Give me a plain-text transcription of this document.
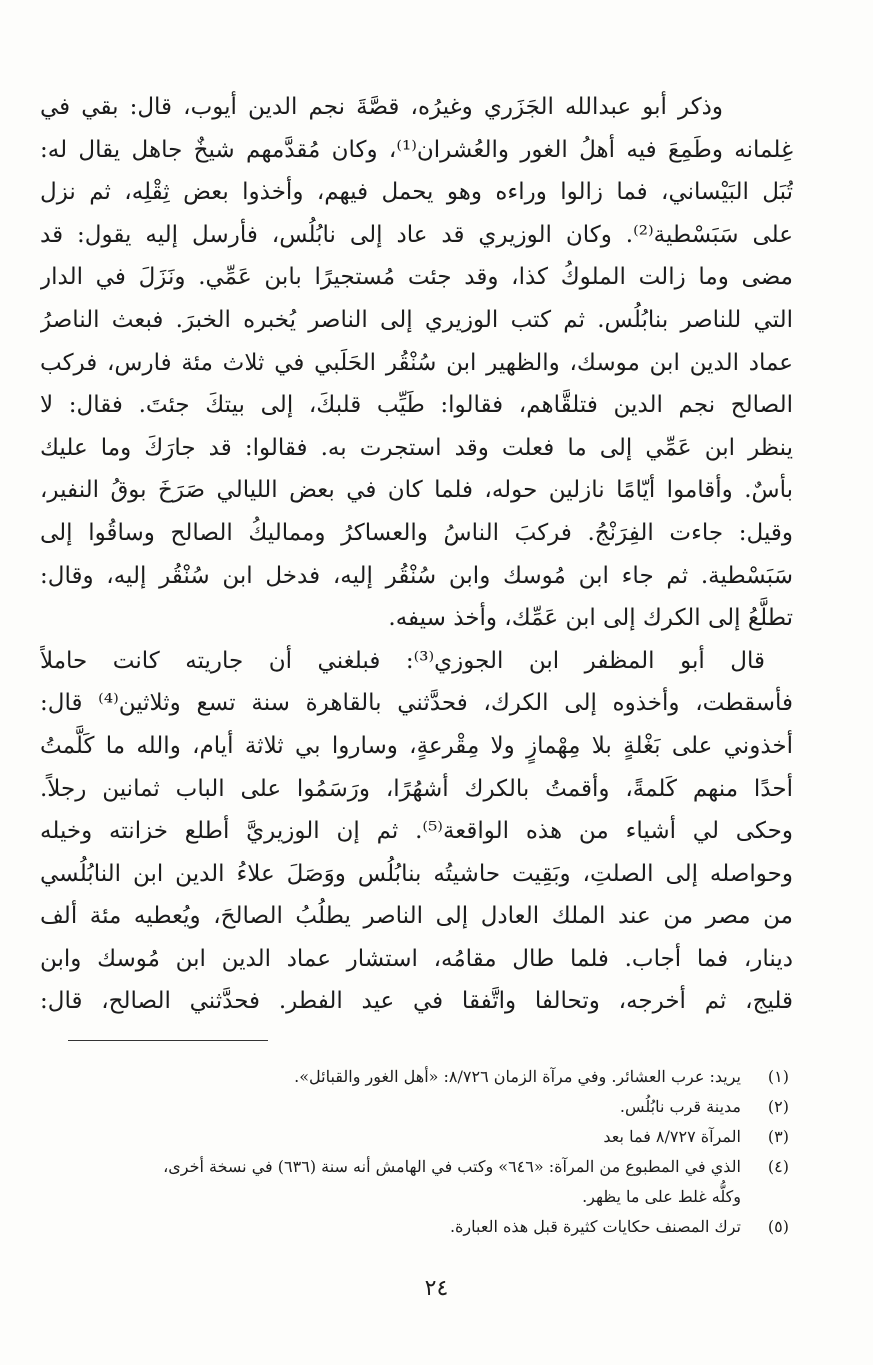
وذكر أبو عبدالله الجَزَري وغيرُه، قصَّةَ نجم الدين أيوب، قال: بقي في
غِلمانه وطَمِعَ فيه أهلُ الغور والعُشران⁽¹⁾، وكان مُقدَّمهم شيخٌ جاهل يقال له:
تُبَل البَيْساني، فما زالوا وراءه وهو يحمل فيهم، وأخذوا بعض ثِقْلِه، ثم نزل
على سَبَسْطية⁽²⁾. وكان الوزيري قد عاد إلى نابُلُس، فأرسل إليه يقول: قد
مضى وما زالت الملوكُ كذا، وقد جئت مُستجيرًا بابن عَمِّي. ونَزَلَ في الدار
التي للناصر بنابُلُس. ثم كتب الوزيري إلى الناصر يُخبره الخبرَ. فبعث الناصرُ
عماد الدين ابن موسك، والظهير ابن سُنْقُر الحَلَبي في ثلاث مئة فارس، فركب
الصالح نجم الدين فتلقَّاهم، فقالوا: طَيِّب قلبكَ، إلى بيتكَ جئتَ. فقال: لا
ينظر ابن عَمِّي إلى ما فعلت وقد استجرت به. فقالوا: قد جارَكَ وما عليك
بأسٌ. وأقاموا أيّامًا نازلين حوله، فلما كان في بعض الليالي صَرَخَ بوقُ النفير،
وقيل: جاءت الفِرَنْجُ. فركبَ الناسُ والعساكرُ ومماليكُ الصالح وساقُوا إلى
سَبَسْطية. ثم جاء ابن مُوسك وابن سُنْقُر إليه، فدخل ابن سُنْقُر إليه، وقال:
تطلَّعُ إلى الكرك إلى ابن عَمِّك، وأخذ سيفه.
قال أبو المظفر ابن الجوزي⁽³⁾: فبلغني أن جاريته كانت حاملاً
فأسقطت، وأخذوه إلى الكرك، فحدَّثني بالقاهرة سنة تسع وثلاثين⁽⁴⁾ قال:
أخذوني على بَغْلةٍ بلا مِهْمازٍ ولا مِقْرعةٍ، وساروا بي ثلاثة أيام، والله ما كَلَّمتُ
أحدًا منهم كَلمةً، وأقمتُ بالكرك أشهُرًا، ورَسَمُوا على الباب ثمانين رجلاً.
وحكى لي أشياء من هذه الواقعة⁽⁵⁾. ثم إن الوزيريَّ أطلع خزانته وخيله
وحواصله إلى الصلتِ، وبَقِيت حاشيتُه بنابُلُس ووَصَلَ علاءُ الدين ابن النابُلُسي
من مصر من عند الملك العادل إلى الناصر يطلُبُ الصالحَ، ويُعطيه مئة ألف
دينار، فما أجاب. فلما طال مقامُه، استشار عماد الدين ابن مُوسك وابن
قليج، ثم أخرجه، وتحالفا واتَّفقا في عيد الفطر. فحدَّثني الصالح، قال:
(١)
يريد: عرب العشائر. وفي مرآة الزمان ٨/٧٢٦: «أهل الغور والقبائل».
(٢)
مدينة قرب نابُلُس.
(٣)
المرآة ٨/٧٢٧ فما بعد
(٤)
الذي في المطبوع من المرآة: «٦٤٦» وكتب في الهامش أنه سنة (٦٣٦) في نسخة أخرى،
وكلُّه غلط على ما يظهر.
(٥)
ترك المصنف حكايات كثيرة قبل هذه العبارة.
٢٤
